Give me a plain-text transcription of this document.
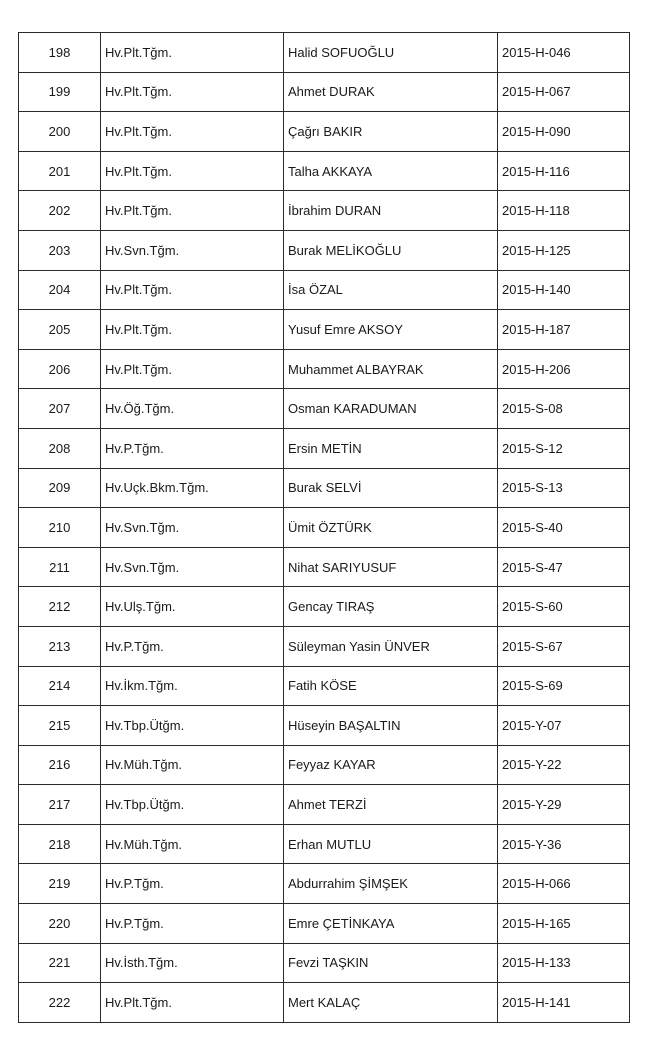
198	Hv.Plt.Tğm.	Halid SOFUOĞLU	2015-H-046
199	Hv.Plt.Tğm.	Ahmet DURAK	2015-H-067
200	Hv.Plt.Tğm.	Çağrı BAKIR	2015-H-090
201	Hv.Plt.Tğm.	Talha AKKAYA	2015-H-116
202	Hv.Plt.Tğm.	İbrahim DURAN	2015-H-118
203	Hv.Svn.Tğm.	Burak MELİKOĞLU	2015-H-125
204	Hv.Plt.Tğm.	İsa ÖZAL	2015-H-140
205	Hv.Plt.Tğm.	Yusuf Emre AKSOY	2015-H-187
206	Hv.Plt.Tğm.	Muhammet ALBAYRAK	2015-H-206
207	Hv.Öğ.Tğm.	Osman KARADUMAN	2015-S-08
208	Hv.P.Tğm.	Ersin METİN	2015-S-12
209	Hv.Uçk.Bkm.Tğm.	Burak SELVİ	2015-S-13
210	Hv.Svn.Tğm.	Ümit ÖZTÜRK	2015-S-40
211	Hv.Svn.Tğm.	Nihat SARIYUSUF	2015-S-47
212	Hv.Ulş.Tğm.	Gencay TIRAŞ	2015-S-60
213	Hv.P.Tğm.	Süleyman Yasin ÜNVER	2015-S-67
214	Hv.İkm.Tğm.	Fatih KÖSE	2015-S-69
215	Hv.Tbp.Ütğm.	Hüseyin BAŞALTIN	2015-Y-07
216	Hv.Müh.Tğm.	Feyyaz KAYAR	2015-Y-22
217	Hv.Tbp.Ütğm.	Ahmet TERZİ	2015-Y-29
218	Hv.Müh.Tğm.	Erhan MUTLU	2015-Y-36
219	Hv.P.Tğm.	Abdurrahim ŞİMŞEK	2015-H-066
220	Hv.P.Tğm.	Emre ÇETİNKAYA	2015-H-165
221	Hv.İsth.Tğm.	Fevzi TAŞKIN	2015-H-133
222	Hv.Plt.Tğm.	Mert KALAÇ	2015-H-141
